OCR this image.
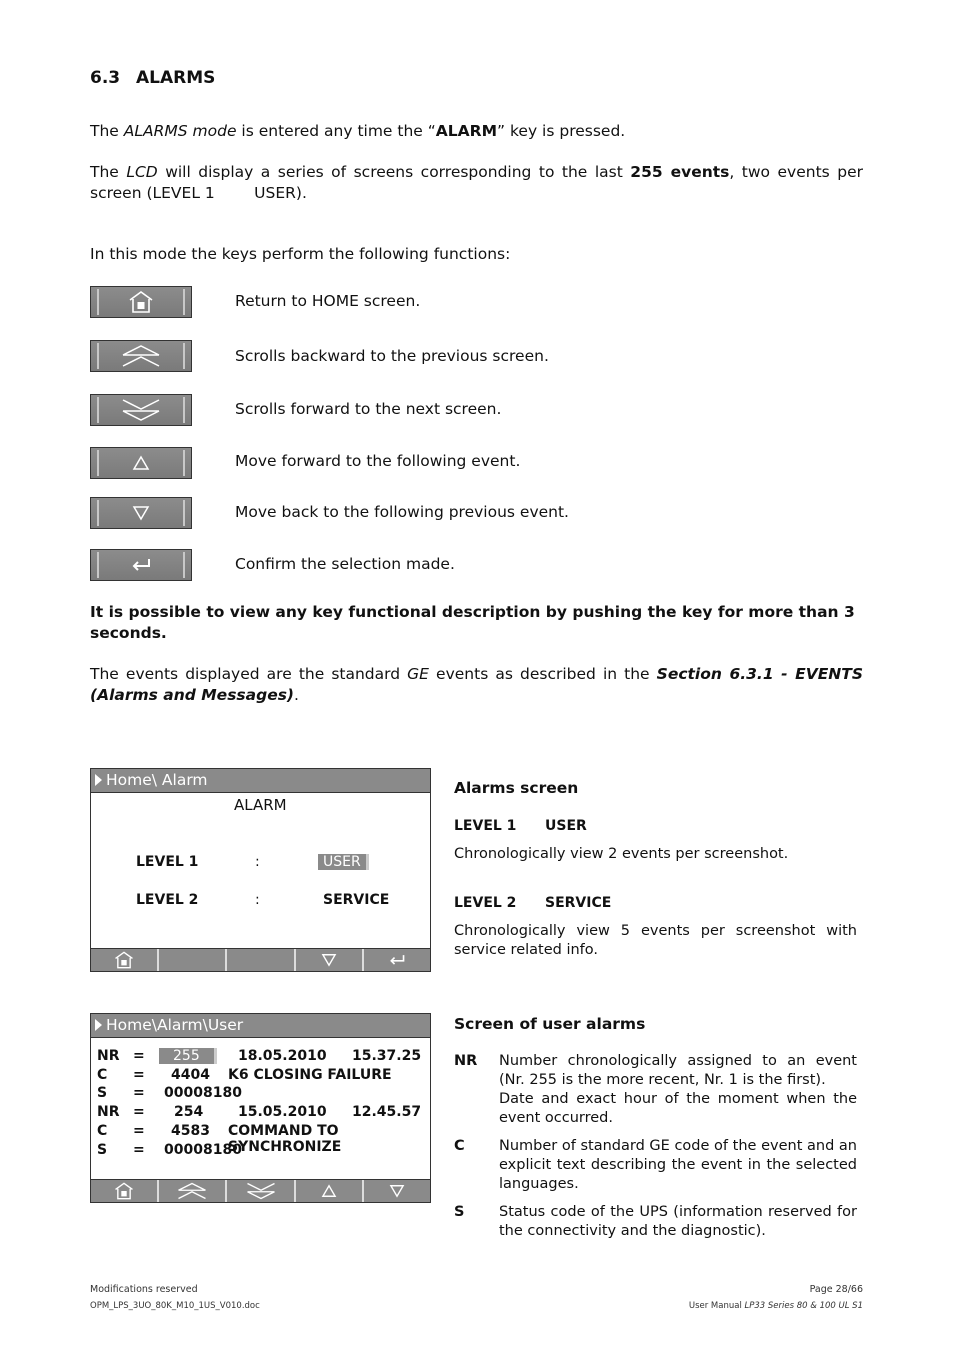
6.3 ALARMS
The ALARMS mode is entered any time the “ALARM” key is pressed.
The LCD will display a series of screens corresponding to the last 255 events, two events per screen (LEVEL 1        USER).
In this mode the keys perform the following functions:
Return to HOME screen.
Scrolls backward to the previous screen.
Scrolls forward to the next screen.
Move forward to the following event.
Move back to the following previous event.
Confirm the selection made.
It is possible to view any key functional description by pushing the key for more than 3 seconds.
The events displayed are the standard GE events as described in the Section 6.3.1 - EVENTS (Alarms and Messages).
Home\ Alarm
ALARM
LEVEL 1	:	USER
LEVEL 2	:	SERVICE
Alarms screen
LEVEL 1 USER
Chronologically view 2 events per screenshot.
LEVEL 2 SERVICE
Chronologically view 5 events per screenshot with service related info.
Home\Alarm\User
NR =	255	18.05.2010 15.37.25
C = 4404 K6 CLOSING FAILURE
S = 00008180
NR = 254 15.05.2010 12.45.57
C = 4583 COMMAND TO SYNCHRONIZE
S = 00008180
Screen of user alarms
NR Number chronologically assigned to an event (Nr. 255 is the more recent, Nr. 1 is the first).
Date and exact hour of the moment when the event occurred.
C Number of standard GE code of the event and an explicit text describing the event in the selected languages.
S Status code of the UPS (information reserved for the connectivity and the diagnostic).
Modifications reserved
OPM_LPS_3UO_80K_M10_1US_V010.doc
Page 28/66
User Manual LP33 Series 80 & 100 UL S1
